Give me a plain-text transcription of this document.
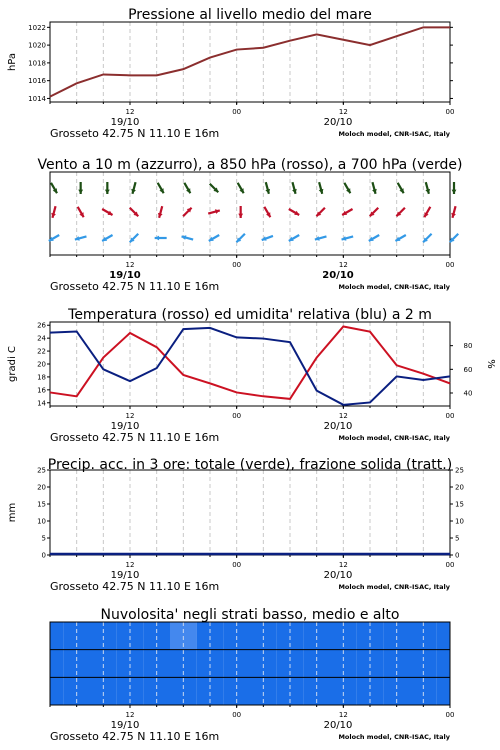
12	00	12	00
19/10	20/10
Grosseto 42.75 N 11.10 E 16m	Moloch model, CNR-ISAC, Italy
Pressione al livello medio del mare
1014
1016
1018
1020
1022
hPa
12	00	12	00
19/10	20/10
Grosseto 42.75 N 11.10 E 16m	Moloch model, CNR-ISAC, Italy
Vento a 10 m (azzurro), a 850 hPa (rosso), a 700 hPa (verde)
12	00	12	00
19/10	20/10
Grosseto 42.75 N 11.10 E 16m	Moloch model, CNR-ISAC, Italy
Temperatura (rosso) ed umidita' relativa (blu) a 2 m
14
16
18
20
22
24
26
40
60
80
gradi C	%
12	00	12	00
19/10	20/10
Grosseto 42.75 N 11.10 E 16m	Moloch model, CNR-ISAC, Italy
Precip. acc. in 3 ore: totale (verde), frazione solida (tratt.)
0	0
5	5
10	10
15	15
20	20
25	25
mm
12	00	12	00
19/10	20/10
Grosseto 42.75 N 11.10 E 16m	Moloch model, CNR-ISAC, Italy
Nuvolosita' negli strati basso, medio e alto
